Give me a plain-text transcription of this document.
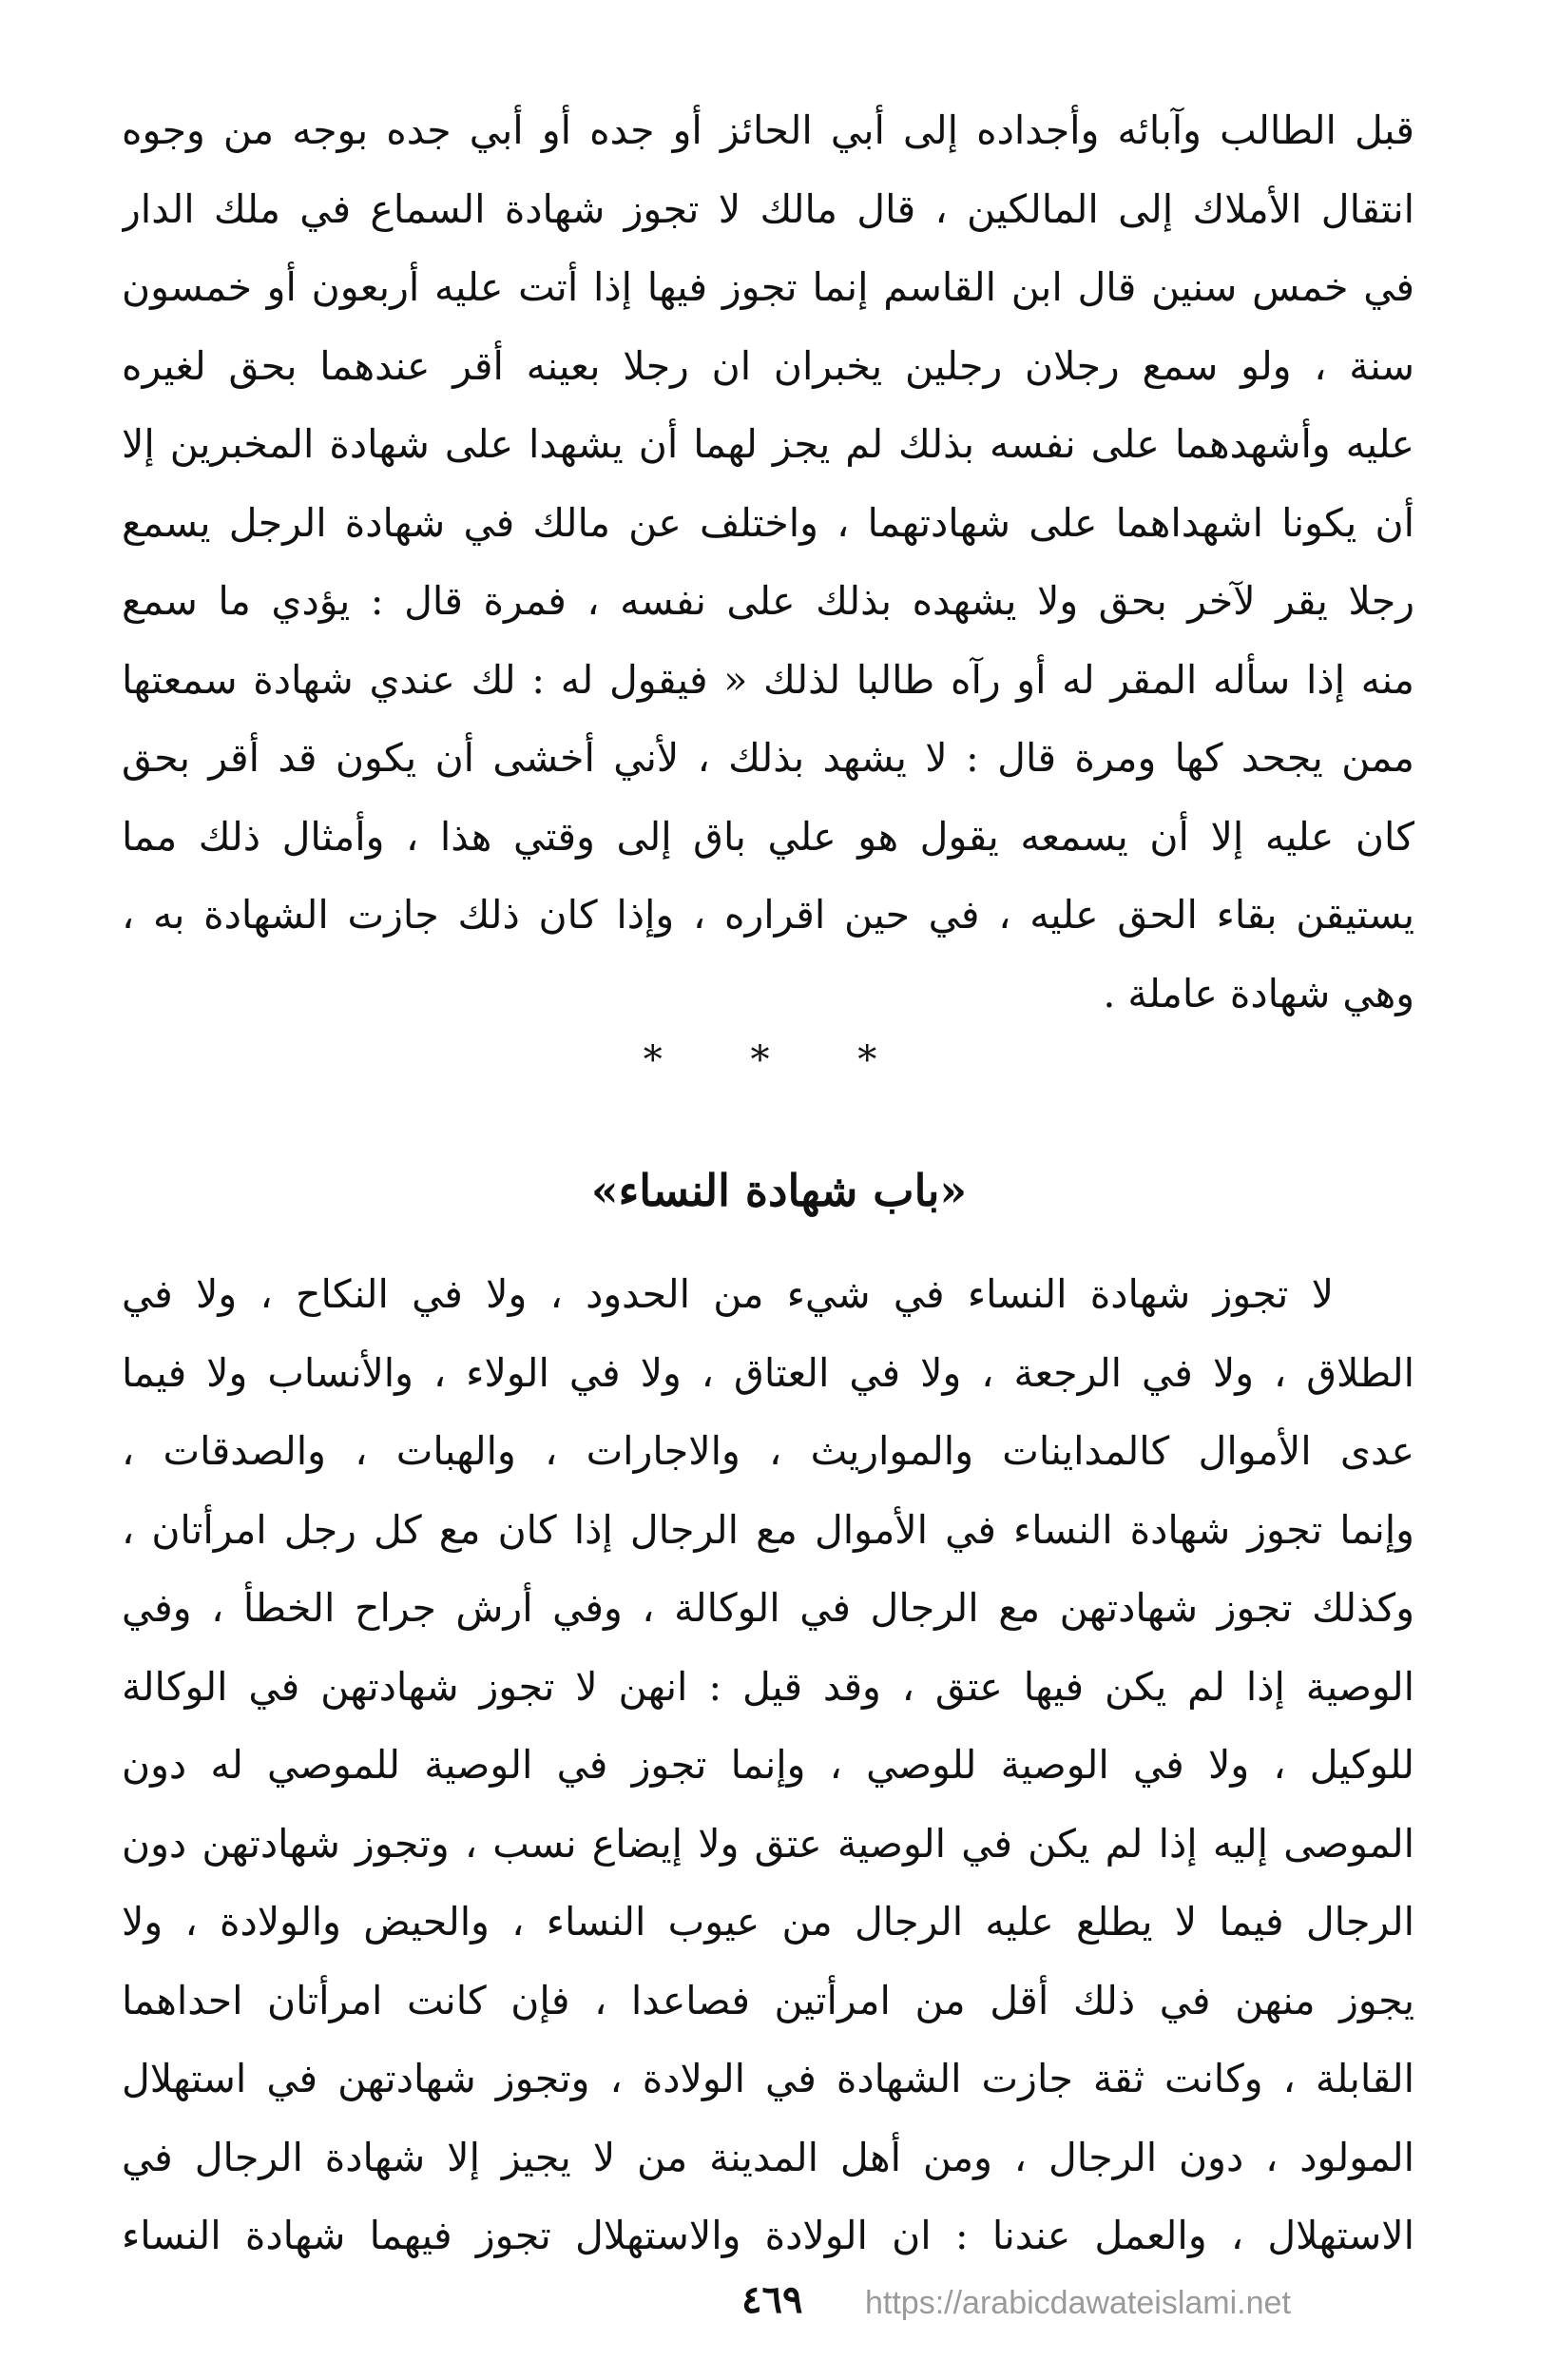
قبل الطالب وآبائه وأجداده إلى أبي الحائز أو جده أو أبي جده بوجه من وجوه
انتقال الأملاك إلى المالكين ، قال مالك لا تجوز شهادة السماع في ملك الدار
في خمس سنين قال ابن القاسم إنما تجوز فيها إذا أتت عليه أربعون أو خمسون
سنة ، ولو سمع رجلان رجلين يخبران ان رجلا بعينه أقر عندهما بحق لغيره
عليه وأشهدهما على نفسه بذلك لم يجز لهما أن يشهدا على شهادة المخبرين إلا
أن يكونا اشهداهما على شهادتهما ، واختلف عن مالك في شهادة الرجل يسمع
رجلا يقر لآخر بحق ولا يشهده بذلك على نفسه ، فمرة قال : يؤدي ما سمع
منه إذا سأله المقر له أو رآه طالبا لذلك « فيقول له : لك عندي شهادة سمعتها
ممن يجحد كها ومرة قال : لا يشهد بذلك ، لأني أخشى أن يكون قد أقر بحق
كان عليه إلا أن يسمعه يقول هو علي باق إلى وقتي هذا ، وأمثال ذلك مما
يستيقن بقاء الحق عليه ، في حين اقراره ، وإذا كان ذلك جازت الشهادة به ،
وهي شهادة عاملة .
* * *
«باب شهادة النساء»
لا تجوز شهادة النساء في شيء من الحدود ، ولا في النكاح ، ولا في
الطلاق ، ولا في الرجعة ، ولا في العتاق ، ولا في الولاء ، والأنساب ولا فيما
عدى الأموال كالمداينات والمواريث ، والاجارات ، والهبات ، والصدقات ،
وإنما تجوز شهادة النساء في الأموال مع الرجال إذا كان مع كل رجل امرأتان ،
وكذلك تجوز شهادتهن مع الرجال في الوكالة ، وفي أرش جراح الخطأ ، وفي
الوصية إذا لم يكن فيها عتق ، وقد قيل : انهن لا تجوز شهادتهن في الوكالة
للوكيل ، ولا في الوصية للوصي ، وإنما تجوز في الوصية للموصي له دون
الموصى إليه إذا لم يكن في الوصية عتق ولا إيضاع نسب ، وتجوز شهادتهن دون
الرجال فيما لا يطلع عليه الرجال من عيوب النساء ، والحيض والولادة ، ولا
يجوز منهن في ذلك أقل من امرأتين فصاعدا ، فإن كانت امرأتان احداهما
القابلة ، وكانت ثقة جازت الشهادة في الولادة ، وتجوز شهادتهن في استهلال
المولود ، دون الرجال ، ومن أهل المدينة من لا يجيز إلا شهادة الرجال في
الاستهلال ، والعمل عندنا : ان الولادة والاستهلال تجوز فيهما شهادة النساء
٤٦٩ https://arabicdawateislami.net
